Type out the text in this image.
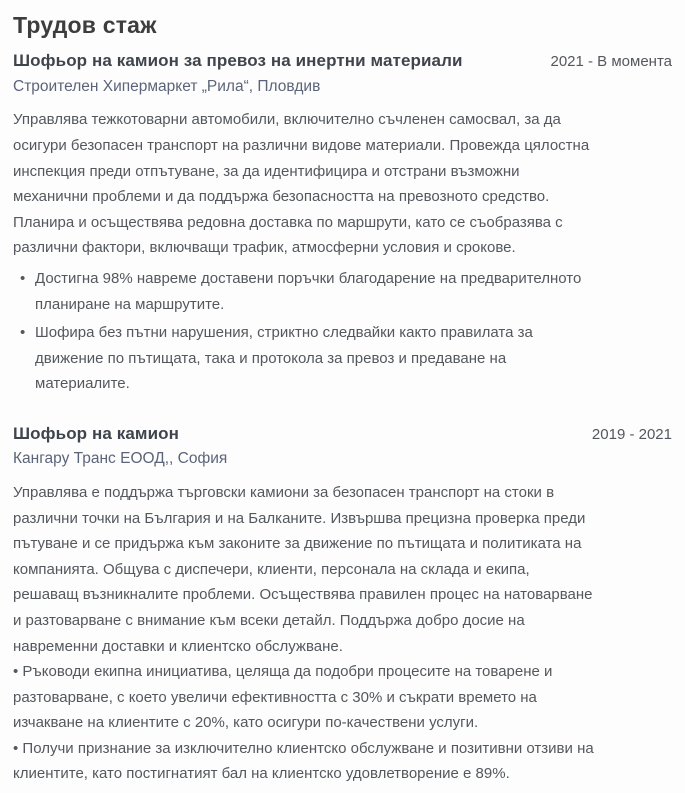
Трудов стаж
Шофьор на камион за превоз на инертни материали	2021 - В момента
Строителен Хипермаркет „Рила“, Пловдив

Управлява тежкотоварни автомобили, включително съчленен самосвал, за да осигури безопасен транспорт на различни видове материали. Провежда цялостна инспекция преди отпътуване, за да идентифицира и отстрани възможни механични проблеми и да поддържа безопасността на превозното средство. Планира и осъществява редовна доставка по маршрути, като се съобразява с различни фактори, включващи трафик, атмосферни условия и срокове.

• Достигна 98% навреме доставени поръчки благодарение на предварителното планиране на маршрутите.
• Шофира без пътни нарушения, стриктно следвайки както правилата за движение по пътищата, така и протокола за превоз и предаване на материалите.
Шофьор на камион	2019 - 2021
Кангару Транс ЕООД,, София

Управлява е поддържа търговски камиони за безопасен транспорт на стоки в различни точки на България и на Балканите. Извършва прецизна проверка преди пътуване и се придържа към законите за движение по пътищата и политиката на компанията. Общува с диспечери, клиенти, персонала на склада и екипа, решаващ възникналите проблеми. Осъществява правилен процес на натоварване и разтоварване с внимание към всеки детайл. Поддържа добро досие на навременни доставки и клиентско обслужване.

• Ръководи екипна инициатива, целяща да подобри процесите на товарене и разтоварване, с което увеличи ефективността с 30% и съкрати времето на изчакване на клиентите с 20%, като осигури по-качествени услуги.

• Получи признание за изключително клиентско обслужване и позитивни отзиви на клиентите, като постигнатият бал на клиентско удовлетворение е 89%.
